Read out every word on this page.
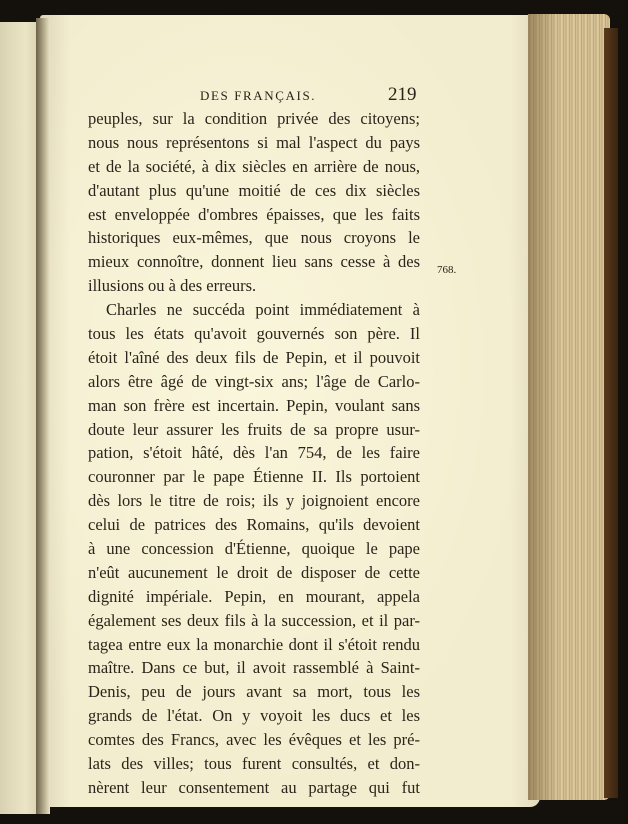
DES FRANÇAIS.	219
768.
peuples, sur la condition privée des citoyens;
nous nous représentons si mal l'aspect du pays
et de la société, à dix siècles en arrière de nous,
d'autant plus qu'une moitié de ces dix siècles
est enveloppée d'ombres épaisses, que les faits
historiques eux-mêmes, que nous croyons le
mieux connoître, donnent lieu sans cesse à des
illusions ou à des erreurs.
Charles ne succéda point immédiatement à
tous les états qu'avoit gouvernés son père. Il
étoit l'aîné des deux fils de Pepin, et il pouvoit
alors être âgé de vingt-six ans; l'âge de Carlo-
man son frère est incertain. Pepin, voulant sans
doute leur assurer les fruits de sa propre usur-
pation, s'étoit hâté, dès l'an 754, de les faire
couronner par le pape Étienne II. Ils portoient
dès lors le titre de rois; ils y joignoient encore
celui de patrices des Romains, qu'ils devoient
à une concession d'Étienne, quoique le pape
n'eût aucunement le droit de disposer de cette
dignité impériale. Pepin, en mourant, appela
également ses deux fils à la succession, et il par-
tagea entre eux la monarchie dont il s'étoit rendu
maître. Dans ce but, il avoit rassemblé à Saint-
Denis, peu de jours avant sa mort, tous les
grands de l'état. On y voyoit les ducs et les
comtes des Francs, avec les évêques et les pré-
lats des villes; tous furent consultés, et don-
nèrent leur consentement au partage qui fut
